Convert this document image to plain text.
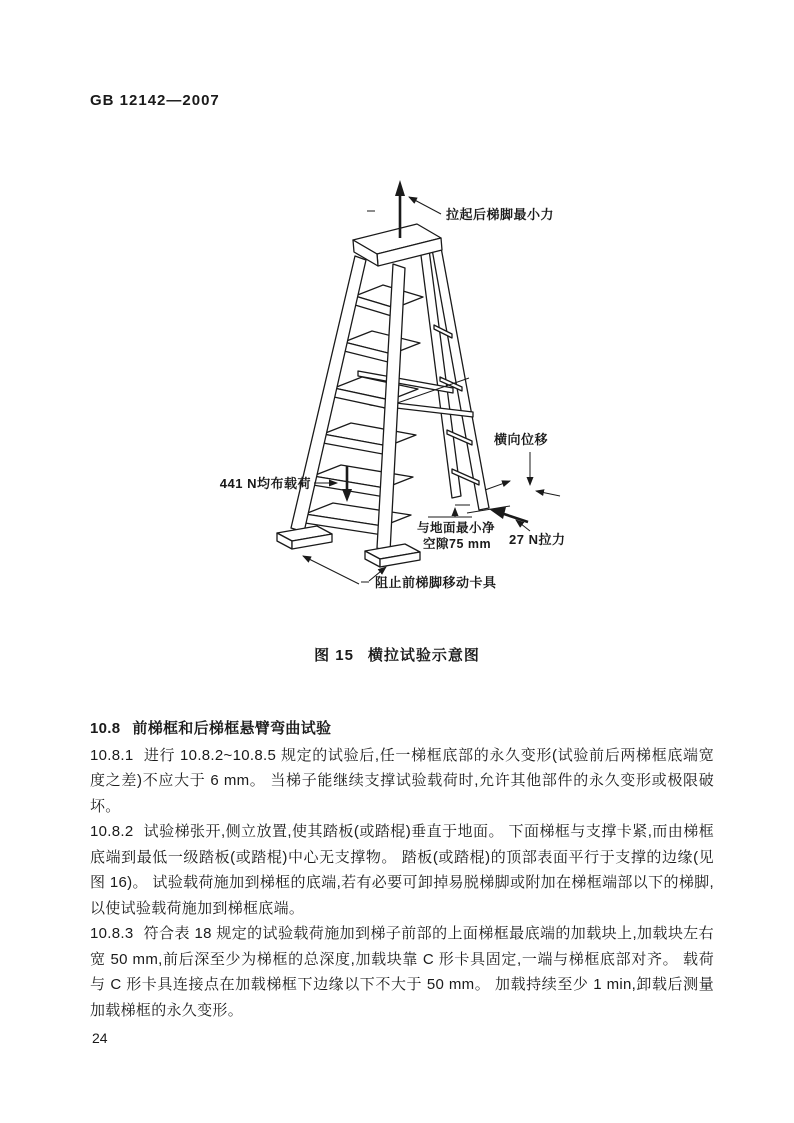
GB 12142—2007
拉起后梯脚最小力
441 N均布载荷
横向位移
27 N拉力
与地面最小净
空隙75 mm
阻止前梯脚移动卡具
图 15 横拉试验示意图
10.8 前梯框和后梯框悬臂弯曲试验

10.8.1 进行 10.8.2~10.8.5 规定的试验后,任一梯框底部的永久变形(试验前后两梯框底端宽度之差)不应大于 6 mm。 当梯子能继续支撑试验载荷时,允许其他部件的永久变形或极限破坏。

10.8.2 试验梯张开,侧立放置,使其踏板(或踏棍)垂直于地面。 下面梯框与支撑卡紧,而由梯框底端到最低一级踏板(或踏棍)中心无支撑物。 踏板(或踏棍)的顶部表面平行于支撑的边缘(见图 16)。 试验载荷施加到梯框的底端,若有必要可卸掉易脱梯脚或附加在梯框端部以下的梯脚,以使试验载荷施加到梯框底端。

10.8.3 符合表 18 规定的试验载荷施加到梯子前部的上面梯框最底端的加载块上,加载块左右宽 50 mm,前后深至少为梯框的总深度,加载块靠 C 形卡具固定,一端与梯框底部对齐。 载荷与 C 形卡具连接点在加载梯框下边缘以下不大于 50 mm。 加载持续至少 1 min,卸载后测量加载梯框的永久变形。

24
